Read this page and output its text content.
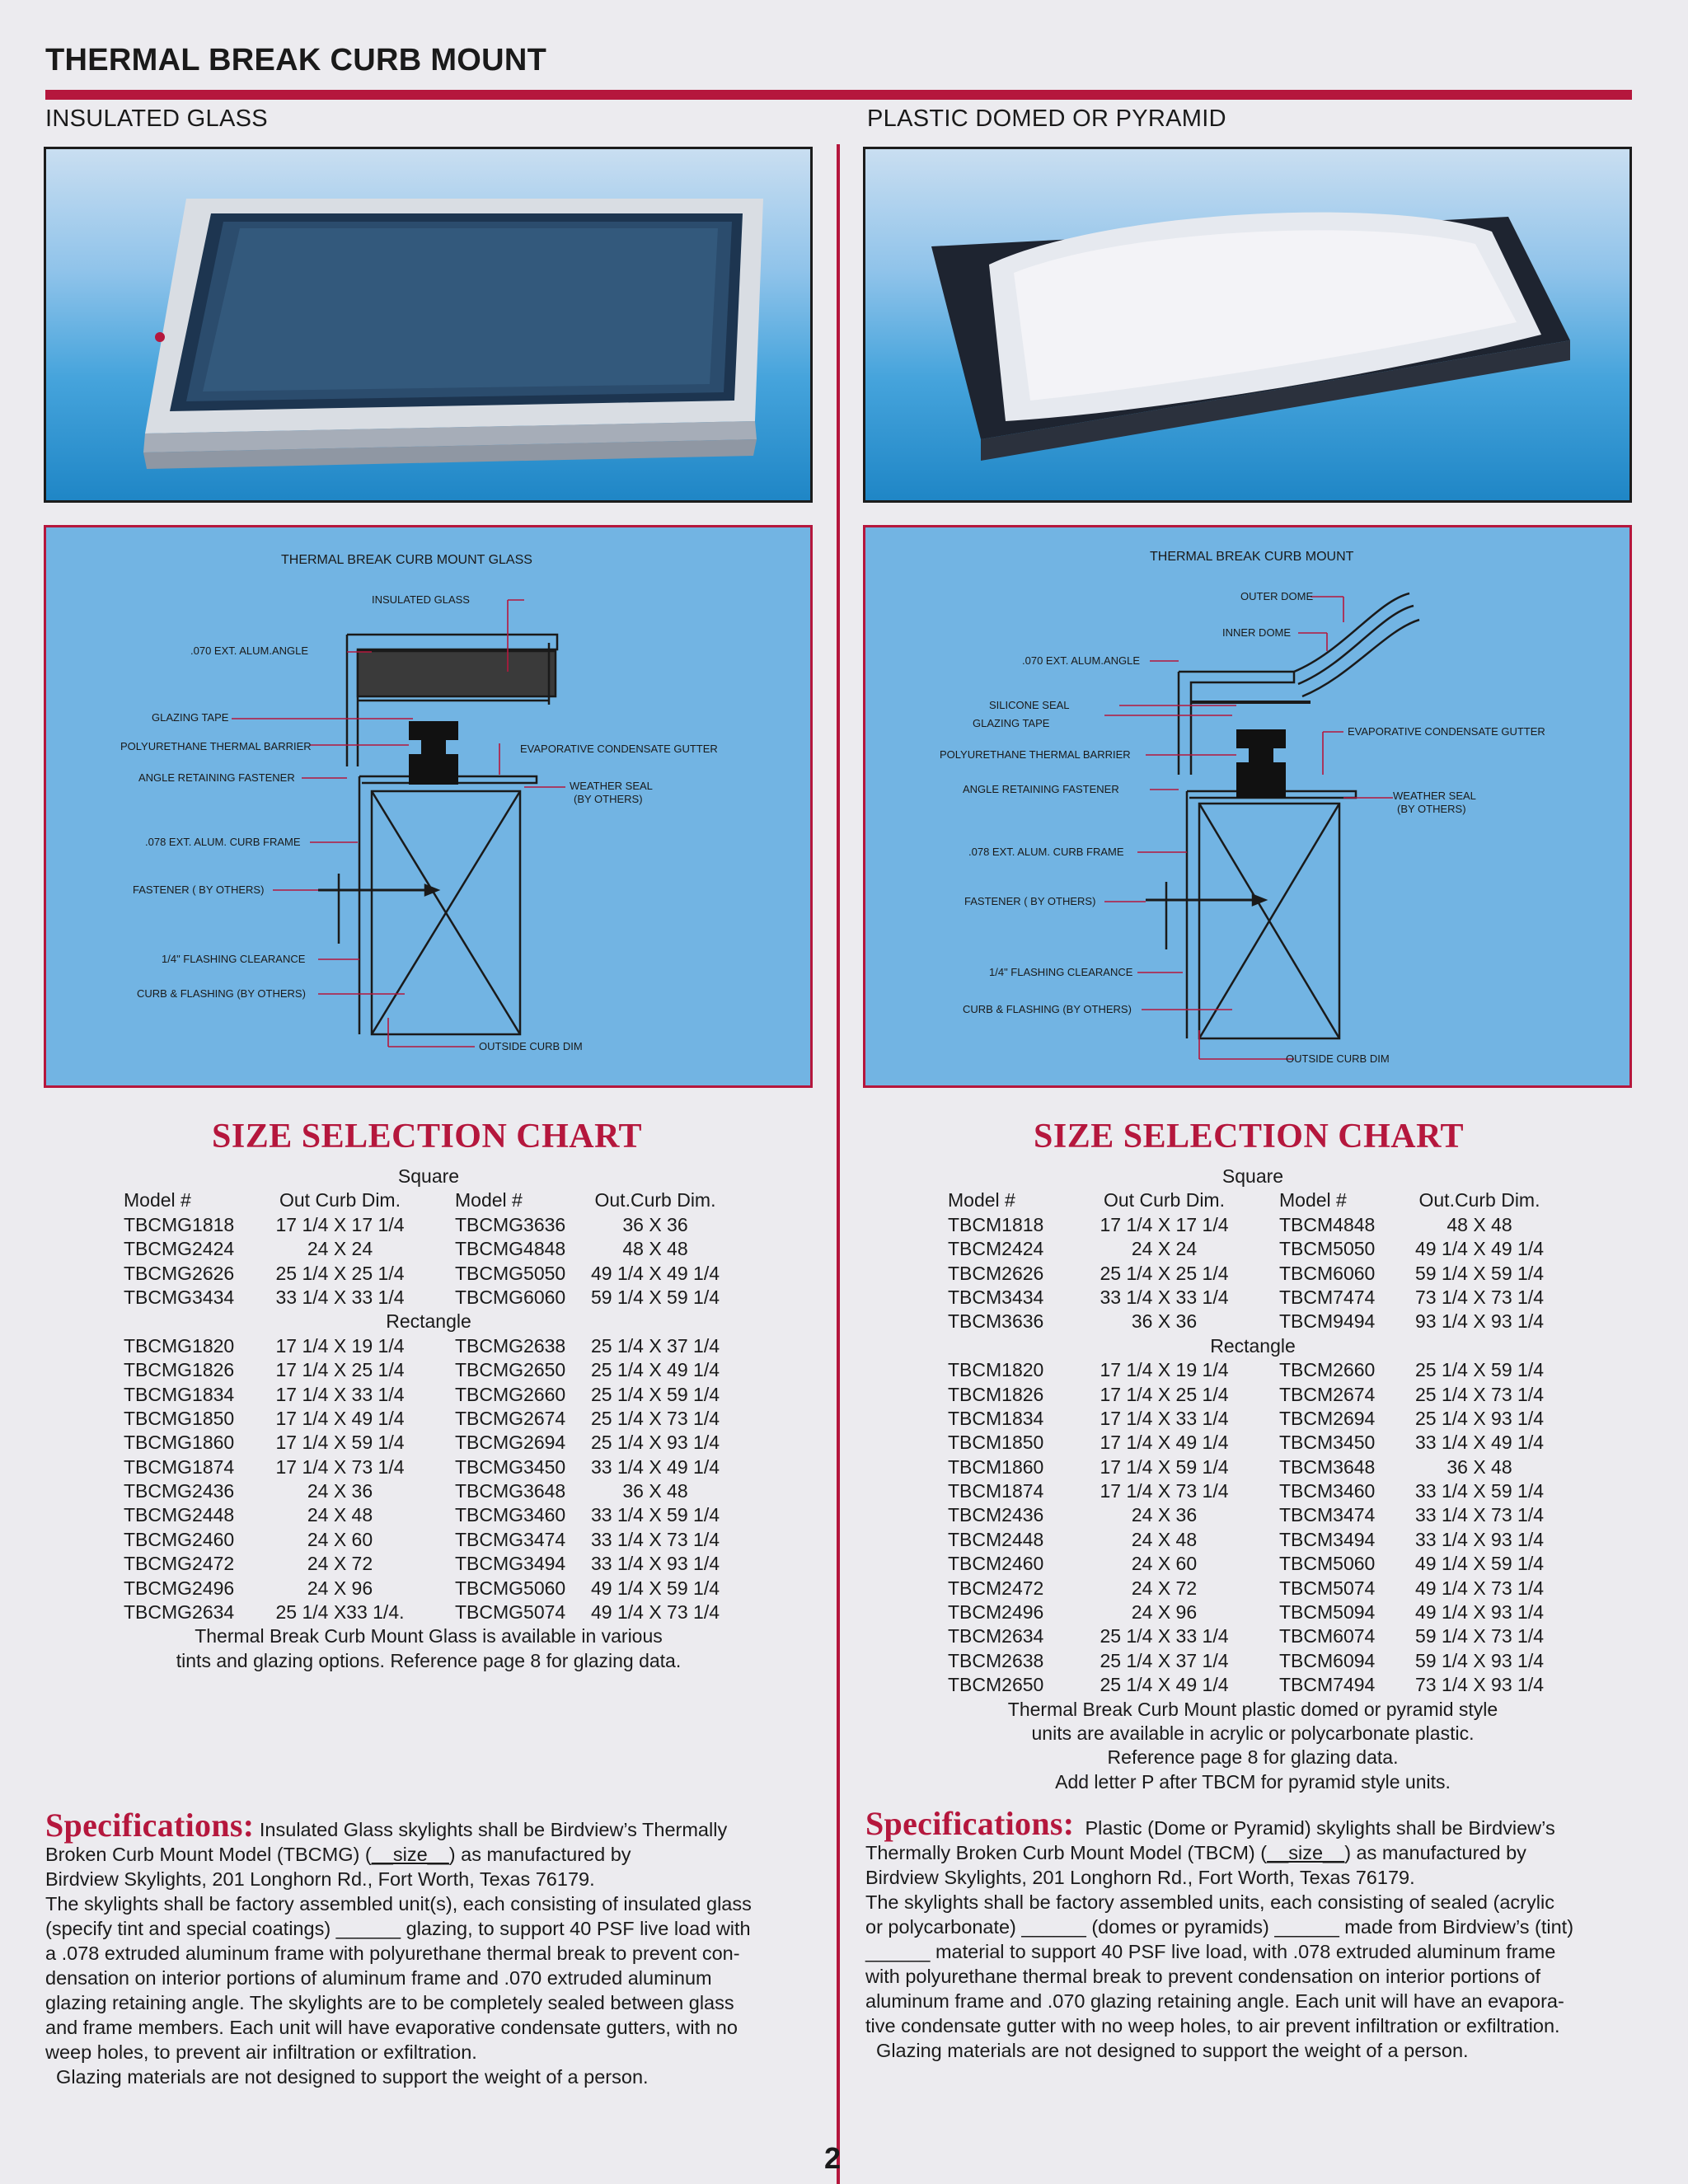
THERMAL BREAK CURB MOUNT
INSULATED GLASS	PLASTIC DOMED OR PYRAMID
THERMAL BREAK CURB MOUNT GLASS
INSULATED GLASS
.070 EXT. ALUM.ANGLE
GLAZING TAPE
POLYURETHANE THERMAL BARRIER	EVAPORATIVE CONDENSATE GUTTER
ANGLE RETAINING FASTENER
WEATHER SEAL
(BY OTHERS)
.078 EXT. ALUM. CURB FRAME
FASTENER ( BY OTHERS)
1/4" FLASHING CLEARANCE
CURB & FLASHING (BY OTHERS)
OUTSIDE CURB DIM
THERMAL BREAK CURB MOUNT
OUTER DOME
INNER DOME
.070 EXT. ALUM.ANGLE
SILICONE SEAL
GLAZING TAPE
EVAPORATIVE CONDENSATE GUTTER
POLYURETHANE THERMAL BARRIER
ANGLE RETAINING FASTENER
WEATHER SEAL
(BY OTHERS)
.078 EXT. ALUM. CURB FRAME
FASTENER ( BY OTHERS)
1/4" FLASHING CLEARANCE
CURB & FLASHING (BY OTHERS)
OUTSIDE CURB DIM
SIZE SELECTION CHART	SIZE SELECTION CHART
Square
Model #	Out Curb Dim.	Model #	Out.Curb Dim.
TBCMG1818	17 1/4 X 17 1/4	TBCMG3636	36 X 36
TBCMG2424	24 X 24	TBCMG4848	48 X 48
TBCMG2626	25 1/4 X 25 1/4	TBCMG5050	49 1/4 X 49 1/4
TBCMG3434	33 1/4 X 33 1/4	TBCMG6060	59 1/4 X 59 1/4
Rectangle
TBCMG1820	17 1/4 X 19 1/4	TBCMG2638	25 1/4 X 37 1/4
TBCMG1826	17 1/4 X 25 1/4	TBCMG2650	25 1/4 X 49 1/4
TBCMG1834	17 1/4 X 33 1/4	TBCMG2660	25 1/4 X 59 1/4
TBCMG1850	17 1/4 X 49 1/4	TBCMG2674	25 1/4 X 73 1/4
TBCMG1860	17 1/4 X 59 1/4	TBCMG2694	25 1/4 X 93 1/4
TBCMG1874	17 1/4 X 73 1/4	TBCMG3450	33 1/4 X 49 1/4
TBCMG2436	24 X 36	TBCMG3648	36 X 48
TBCMG2448	24 X 48	TBCMG3460	33 1/4 X 59 1/4
TBCMG2460	24 X 60	TBCMG3474	33 1/4 X 73 1/4
TBCMG2472	24 X 72	TBCMG3494	33 1/4 X 93 1/4
TBCMG2496	24 X 96	TBCMG5060	49 1/4 X 59 1/4
TBCMG2634	25 1/4 X33 1/4.	TBCMG5074	49 1/4 X 73 1/4
Thermal Break Curb Mount Glass is available in various
tints and glazing options. Reference page 8 for glazing data.
Square
Model #	Out Curb Dim.	Model #	Out.Curb Dim.
TBCM1818	17 1/4 X 17 1/4	TBCM4848	48 X 48
TBCM2424	24 X 24	TBCM5050	49 1/4 X 49 1/4
TBCM2626	25 1/4 X 25 1/4	TBCM6060	59 1/4 X 59 1/4
TBCM3434	33 1/4 X 33 1/4	TBCM7474	73 1/4 X 73 1/4
TBCM3636	36 X 36	TBCM9494	93 1/4 X 93 1/4
Rectangle
TBCM1820	17 1/4 X 19 1/4	TBCM2660	25 1/4 X 59 1/4
TBCM1826	17 1/4 X 25 1/4	TBCM2674	25 1/4 X 73 1/4
TBCM1834	17 1/4 X 33 1/4	TBCM2694	25 1/4 X 93 1/4
TBCM1850	17 1/4 X 49 1/4	TBCM3450	33 1/4 X 49 1/4
TBCM1860	17 1/4 X 59 1/4	TBCM3648	36 X 48
TBCM1874	17 1/4 X 73 1/4	TBCM3460	33 1/4 X 59 1/4
TBCM2436	24 X 36	TBCM3474	33 1/4 X 73 1/4
TBCM2448	24 X 48	TBCM3494	33 1/4 X 93 1/4
TBCM2460	24 X 60	TBCM5060	49 1/4 X 59 1/4
TBCM2472	24 X 72	TBCM5074	49 1/4 X 73 1/4
TBCM2496	24 X 96	TBCM5094	49 1/4 X 93 1/4
TBCM2634	25 1/4 X 33 1/4	TBCM6074	59 1/4 X 73 1/4
TBCM2638	25 1/4 X 37 1/4	TBCM6094	59 1/4 X 93 1/4
TBCM2650	25 1/4 X 49 1/4	TBCM7494	73 1/4 X 93 1/4
Thermal Break Curb Mount plastic domed or pyramid style
units are available in acrylic or polycarbonate plastic.
Reference page 8 for glazing data.
Add letter P after TBCM for pyramid style units.
Specifications: Insulated Glass skylights shall be Birdview’s Thermally
Broken Curb Mount Model (TBCMG) (__size__) as manufactured by
Birdview Skylights, 201 Longhorn Rd., Fort Worth, Texas 76179.
The skylights shall be factory assembled unit(s), each consisting of insulated glass
(specify tint and special coatings) ______ glazing, to support 40 PSF live load with
a .078 extruded aluminum frame with polyurethane thermal break to prevent con-
densation on interior portions of aluminum frame and .070 extruded aluminum
glazing retaining angle. The skylights are to be completely sealed between glass
and frame members. Each unit will have evaporative condensate gutters, with no
weep holes, to prevent air infiltration or exfiltration.
Glazing materials are not designed to support the weight of a person.
Specifications: Plastic (Dome or Pyramid) skylights shall be Birdview’s
Thermally Broken Curb Mount Model (TBCM) (__size__) as manufactured by
Birdview Skylights, 201 Longhorn Rd., Fort Worth, Texas 76179.
The skylights shall be factory assembled units, each consisting of sealed (acrylic
or polycarbonate) ______ (domes or pyramids) ______ made from Birdview’s (tint)
______ material to support 40 PSF live load, with .078 extruded aluminum frame
with polyurethane thermal break to prevent condensation on interior portions of
aluminum frame and .070 glazing retaining angle. Each unit will have an evapora-
tive condensate gutter with no weep holes, to air prevent infiltration or exfiltration.
Glazing materials are not designed to support the weight of a person.
2
